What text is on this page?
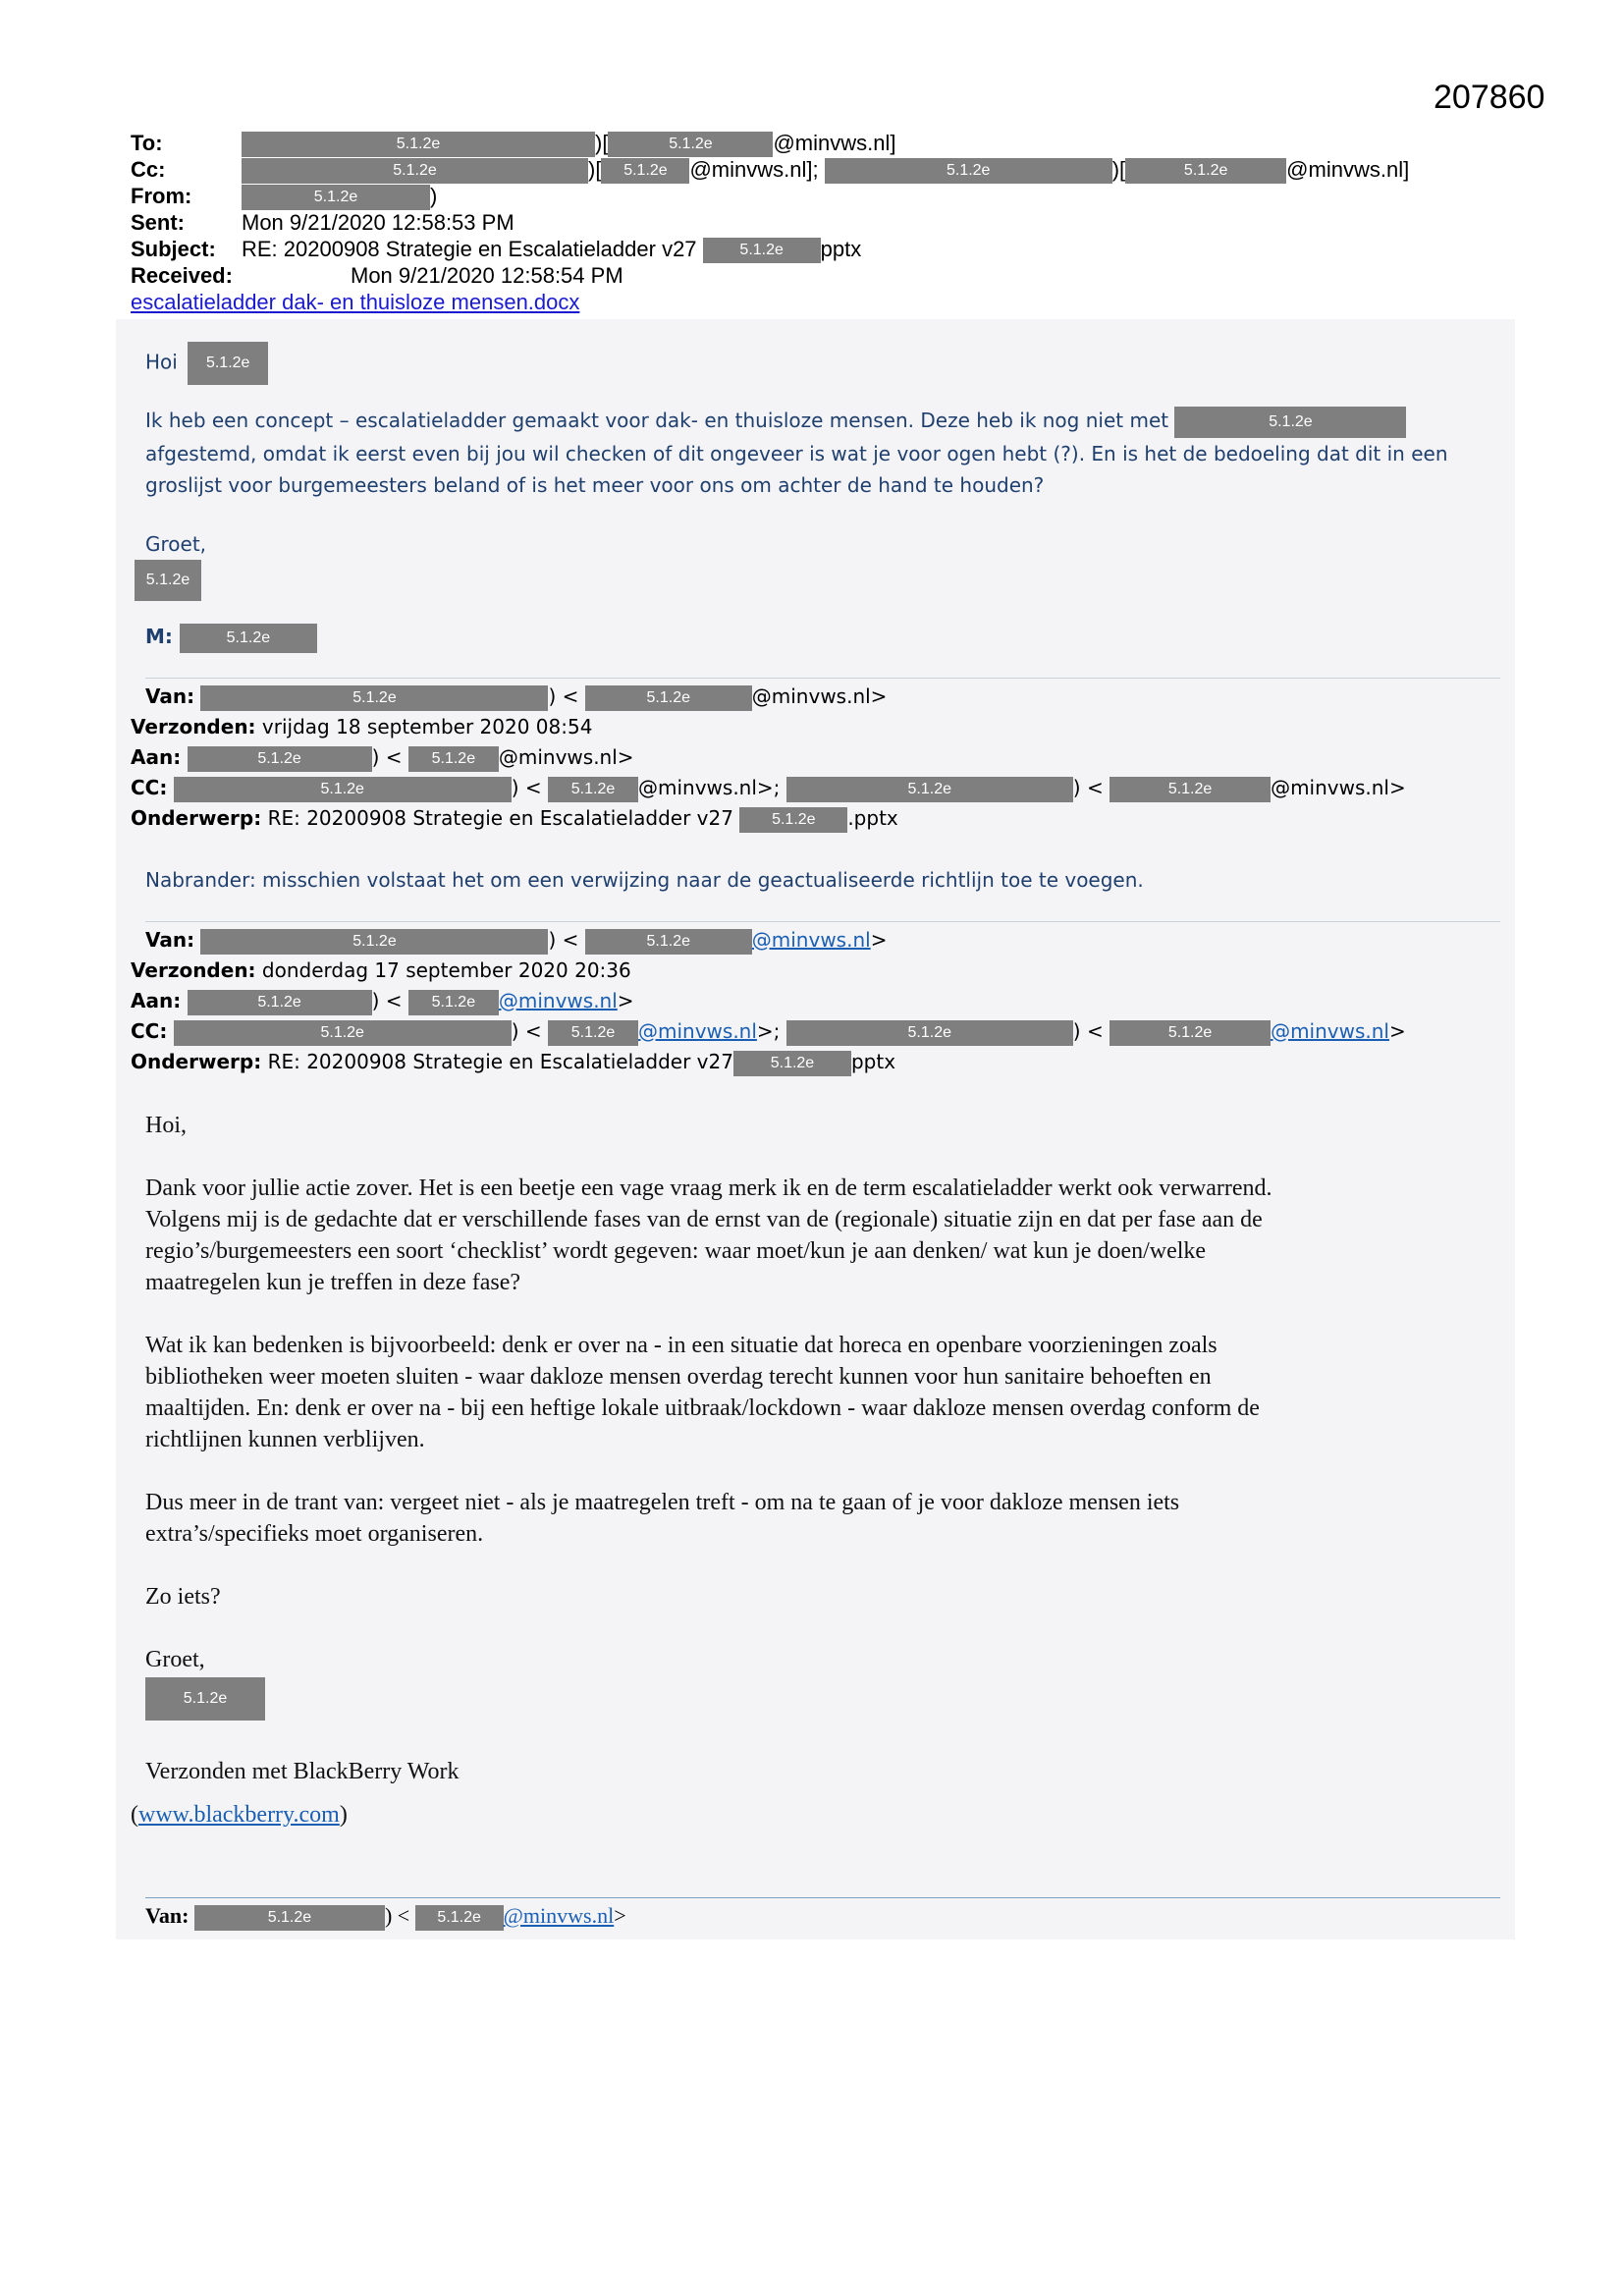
207860
To:	5.1.2e	)[	5.1.2e	@minvws.nl]
Cc:	5.1.2e	)[ 5.1.2e @minvws.nl];	5.1.2e	)[	5.1.2e	@minvws.nl]
From:	5.1.2e	)
Sent:	Mon 9/21/2020 12:58:53 PM
Subject: RE: 20200908 Strategie en Escalatieladder v27	5.1.2e pptx
Received:	Mon 9/21/2020 12:58:54 PM
escalatieladder dak- en thuisloze mensen.docx
Hoi 5.1.2e
Ik heb een concept – escalatieladder gemaakt voor dak- en thuisloze mensen. Deze heb ik nog niet met	5.1.2e
afgestemd, omdat ik eerst even bij jou wil checken of dit ongeveer is wat je voor ogen hebt (?). En is het de bedoeling dat dit in een
groslijst voor burgemeesters beland of is het meer voor ons om achter de hand te houden?
Groet,
5.1.2e
M:	5.1.2e
Van:	5.1.2e	) <	5.1.2e	@minvws.nl>
Verzonden: vrijdag 18 september 2020 08:54
Aan:	5.1.2e	) < 5.1.2e @minvws.nl>
CC:	5.1.2e	) < 5.1.2e @minvws.nl>;	5.1.2e	) <	5.1.2e	@minvws.nl>
Onderwerp: RE: 20200908 Strategie en Escalatieladder v27 5.1.2e .pptx
Nabrander: misschien volstaat het om een verwijzing naar de geactualiseerde richtlijn toe te voegen.
Van:	5.1.2e	) <	5.1.2e	@minvws.nl>
Verzonden: donderdag 17 september 2020 20:36
Aan:	5.1.2e	) < 5.1.2e @minvws.nl>
CC:	5.1.2e	) < 5.1.2e @minvws.nl>;	5.1.2e	) <	5.1.2e	@minvws.nl>
Onderwerp: RE: 20200908 Strategie en Escalatieladder v27 5.1.2e pptx
Hoi,
Dank voor jullie actie zover. Het is een beetje een vage vraag merk ik en de term escalatieladder werkt ook verwarrend.
Volgens mij is de gedachte dat er verschillende fases van de ernst van de (regionale) situatie zijn en dat per fase aan de
regio’s/burgemeesters een soort ‘checklist’ wordt gegeven: waar moet/kun je aan denken/ wat kun je doen/welke
maatregelen kun je treffen in deze fase?
Wat ik kan bedenken is bijvoorbeeld: denk er over na - in een situatie dat horeca en openbare voorzieningen zoals
bibliotheken weer moeten sluiten - waar dakloze mensen overdag terecht kunnen voor hun sanitaire behoeften en
maaltijden. En: denk er over na - bij een heftige lokale uitbraak/lockdown - waar dakloze mensen overdag conform de
richtlijnen kunnen verblijven.
Dus meer in de trant van: vergeet niet - als je maatregelen treft - om na te gaan of je voor dakloze mensen iets
extra’s/specifieks moet organiseren.
Zo iets?
Groet,
5.1.2e
Verzonden met BlackBerry Work
(www.blackberry.com)
Van:	5.1.2e	) < 5.1.2e @minvws.nl>
